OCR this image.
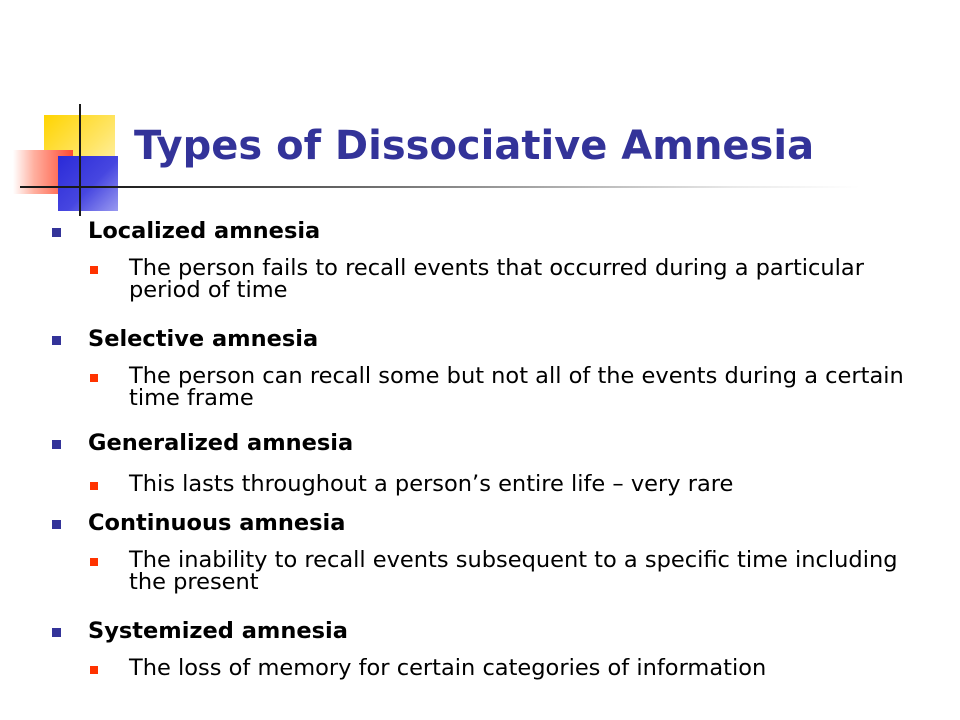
Types of Dissociative Amnesia
Localized amnesia
The person fails to recall events that occurred during a particular period of time
Selective amnesia
The person can recall some but not all of the events during a certain time frame
Generalized amnesia
This lasts throughout a person’s entire life – very rare
Continuous amnesia
The inability to recall events subsequent to a specific time including the present
Systemized amnesia
The loss of memory for certain categories of information
